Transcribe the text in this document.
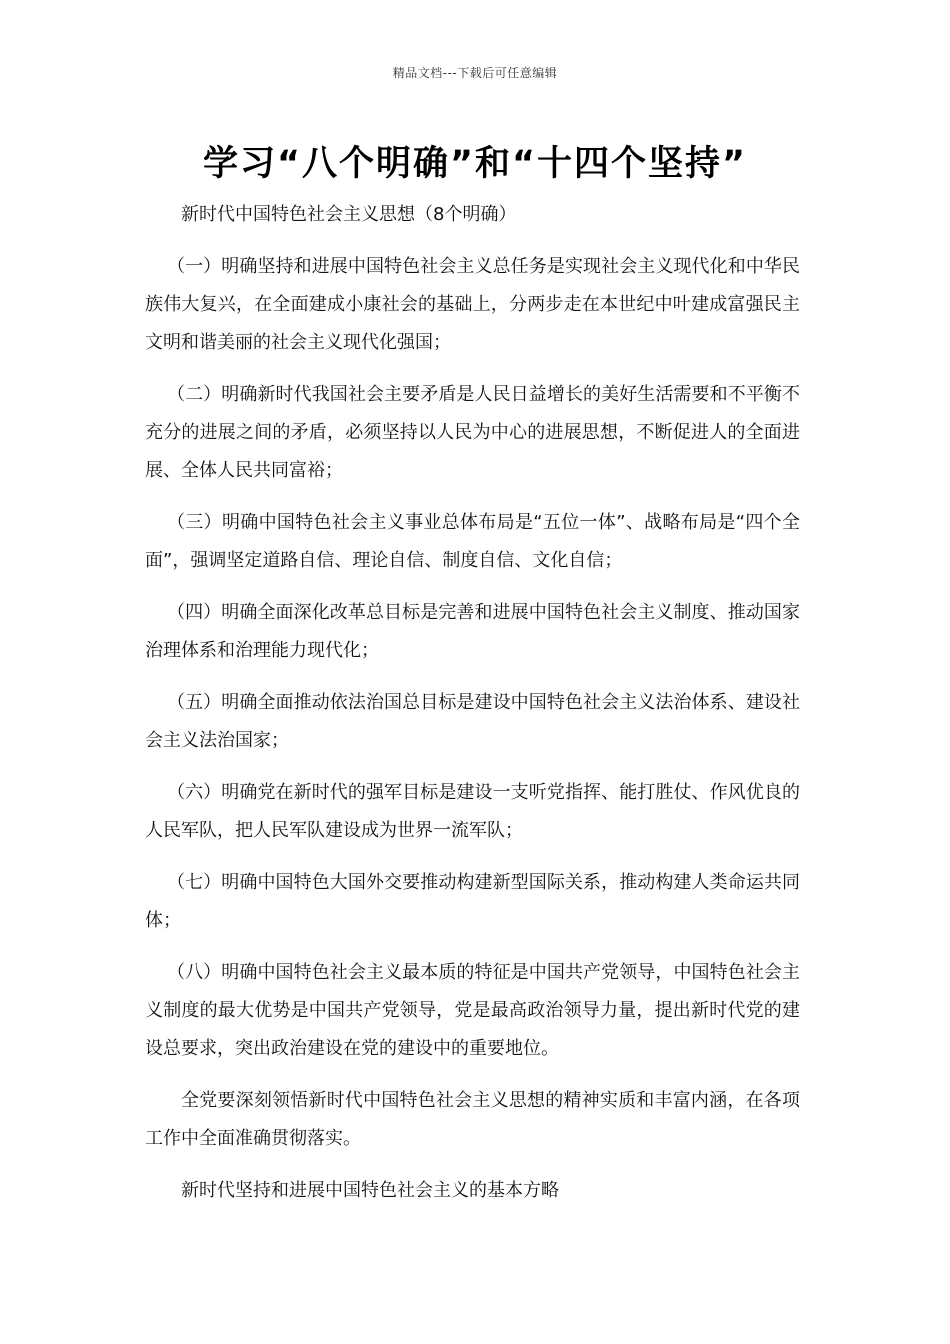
精品文档---下载后可任意编辑
学习“八个明确”和“十四个坚持”

新时代中国特色社会主义思想（8个明确）

（一）明确坚持和进展中国特色社会主义总任务是实现社会主义现代化和中华民族伟大复兴，在全面建成小康社会的基础上，分两步走在本世纪中叶建成富强民主文明和谐美丽的社会主义现代化强国；

（二）明确新时代我国社会主要矛盾是人民日益增长的美好生活需要和不平衡不充分的进展之间的矛盾，必须坚持以人民为中心的进展思想，不断促进人的全面进展、全体人民共同富裕；

（三）明确中国特色社会主义事业总体布局是“五位一体”、战略布局是“四个全面”，强调坚定道路自信、理论自信、制度自信、文化自信；

（四）明确全面深化改革总目标是完善和进展中国特色社会主义制度、推动国家治理体系和治理能力现代化；

（五）明确全面推动依法治国总目标是建设中国特色社会主义法治体系、建设社会主义法治国家；

（六）明确党在新时代的强军目标是建设一支听党指挥、能打胜仗、作风优良的人民军队，把人民军队建设成为世界一流军队；

（七）明确中国特色大国外交要推动构建新型国际关系，推动构建人类命运共同体；

（八）明确中国特色社会主义最本质的特征是中国共产党领导，中国特色社会主义制度的最大优势是中国共产党领导，党是最高政治领导力量，提出新时代党的建设总要求，突出政治建设在党的建设中的重要地位。

全党要深刻领悟新时代中国特色社会主义思想的精神实质和丰富内涵，在各项工作中全面准确贯彻落实。

新时代坚持和进展中国特色社会主义的基本方略
